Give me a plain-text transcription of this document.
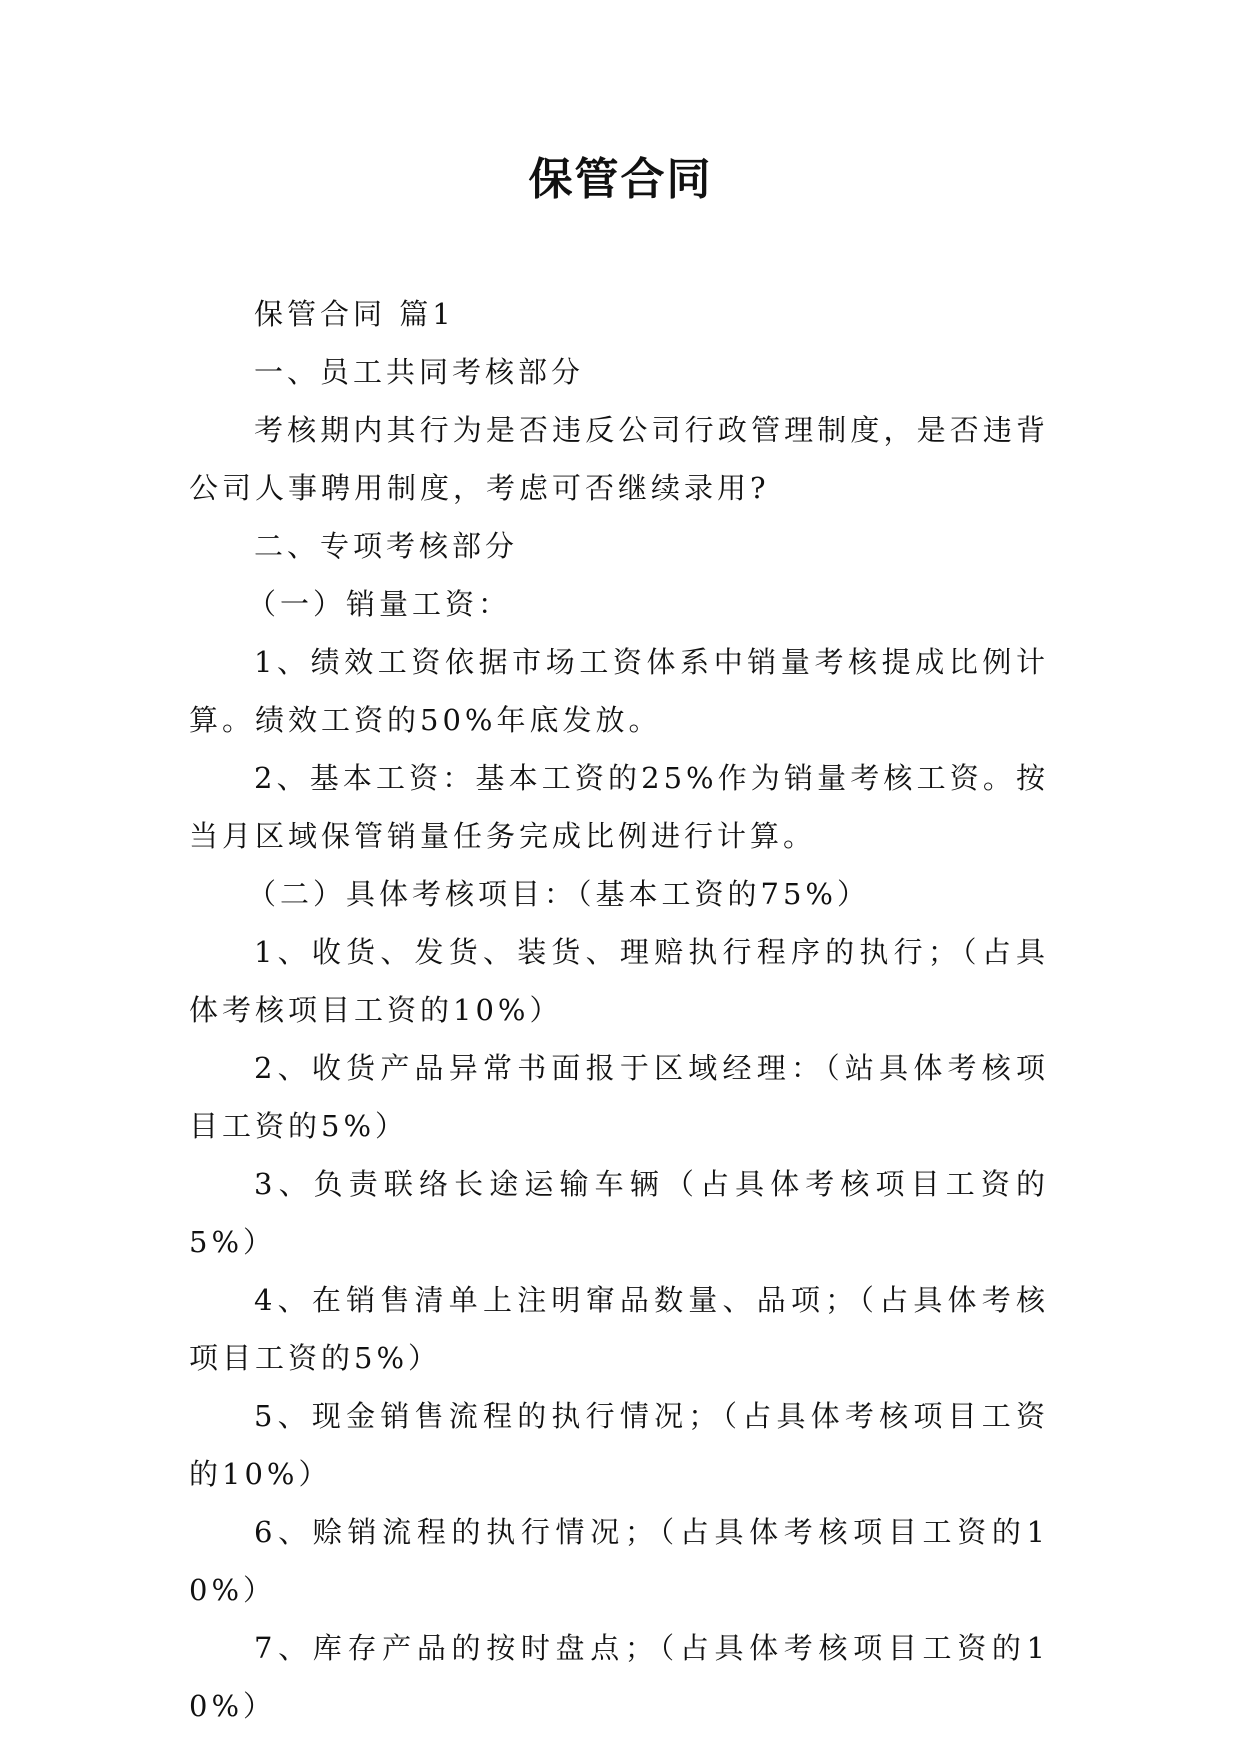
保管合同

保管合同 篇1

一、员工共同考核部分

考核期内其行为是否违反公司行政管理制度，是否违背公司人事聘用制度，考虑可否继续录用?

二、专项考核部分

（一）销量工资：

1、绩效工资依据市场工资体系中销量考核提成比例计算。绩效工资的50%年底发放。

2、基本工资：基本工资的25%作为销量考核工资。按当月区域保管销量任务完成比例进行计算。

（二）具体考核项目：（基本工资的75%）

1、收货、发货、装货、理赔执行程序的执行；（占具体考核项目工资的10%）

2、收货产品异常书面报于区域经理：（站具体考核项目工资的5%）

3、负责联络长途运输车辆（占具体考核项目工资的5%）

4、在销售清单上注明窜品数量、品项；（占具体考核项目工资的5%）

5、现金销售流程的执行情况；（占具体考核项目工资的10%）

6、赊销流程的执行情况；（占具体考核项目工资的10%）

7、库存产品的按时盘点；（占具体考核项目工资的10%）
